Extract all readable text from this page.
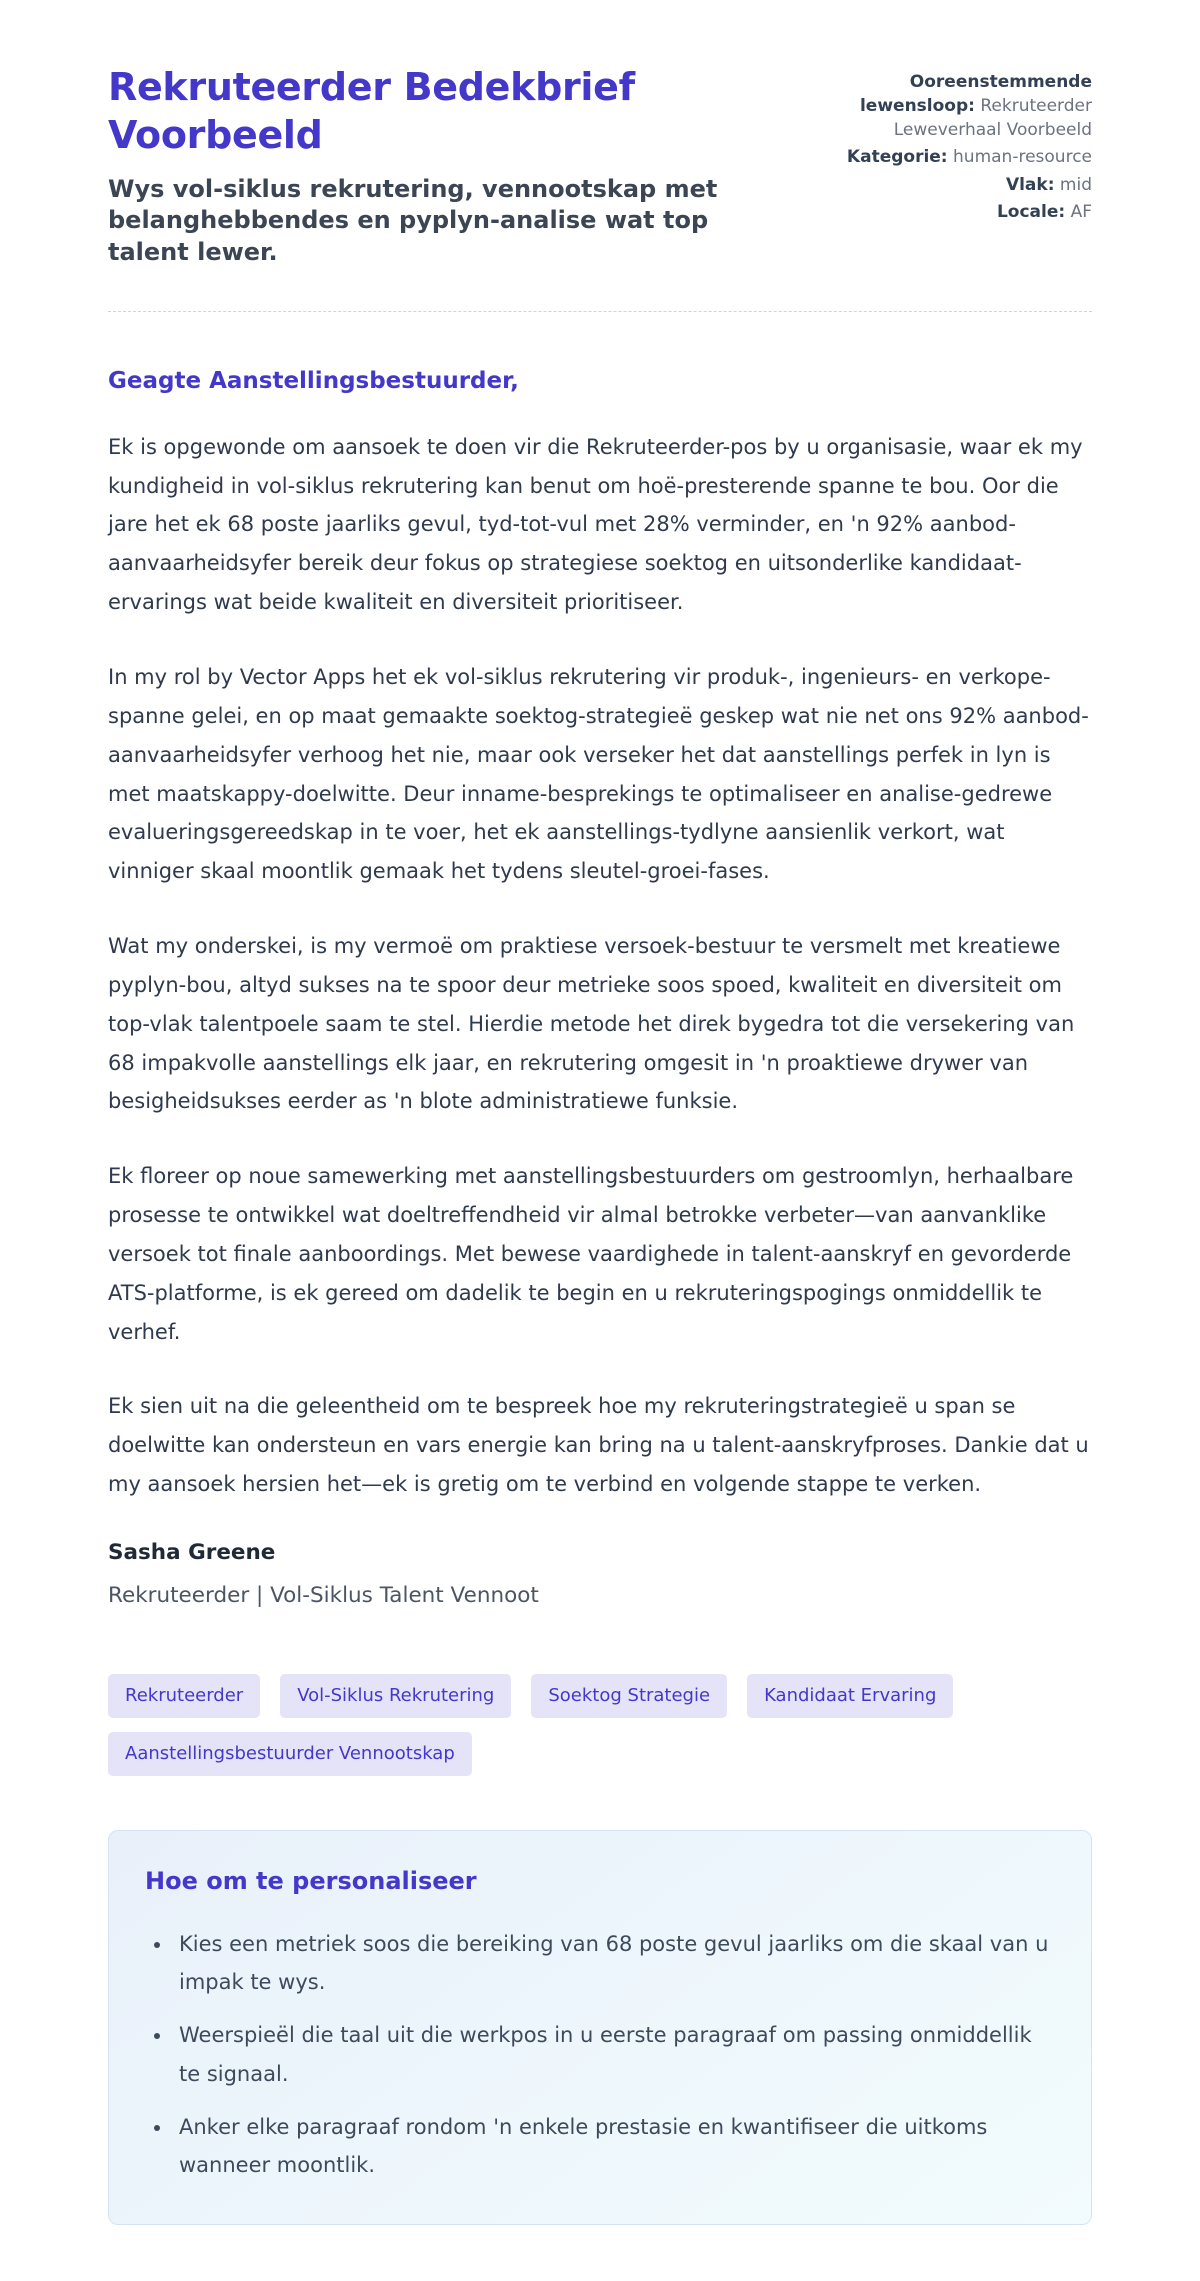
Rekruteerder Bedekbrief Voorbeeld

Wys vol-siklus rekrutering, vennootskap met belanghebbendes en pyplyn-analise wat top talent lewer.

Ooreenstemmende lewensloop: Rekruteerder Leweverhaal Voorbeeld
Kategorie: human-resource
Vlak: mid
Locale: AF

Geagte Aanstellingsbestuurder,

Ek is opgewonde om aansoek te doen vir die Rekruteerder-pos by u organisasie, waar ek my kundigheid in vol-siklus rekrutering kan benut om hoë-presterende spanne te bou. Oor die jare het ek 68 poste jaarliks gevul, tyd-tot-vul met 28% verminder, en 'n 92% aanbod-aanvaarheidsyfer bereik deur fokus op strategiese soektog en uitsonderlike kandidaat-ervarings wat beide kwaliteit en diversiteit prioritiseer.

In my rol by Vector Apps het ek vol-siklus rekrutering vir produk-, ingenieurs- en verkope-spanne gelei, en op maat gemaakte soektog-strategieë geskep wat nie net ons 92% aanbod-aanvaarheidsyfer verhoog het nie, maar ook verseker het dat aanstellings perfek in lyn is met maatskappy-doelwitte. Deur inname-besprekings te optimaliseer en analise-gedrewe evalueringsgereedskap in te voer, het ek aanstellings-tydlyne aansienlik verkort, wat vinniger skaal moontlik gemaak het tydens sleutel-groei-fases.

Wat my onderskei, is my vermoë om praktiese versoek-bestuur te versmelt met kreatiewe pyplyn-bou, altyd sukses na te spoor deur metrieke soos spoed, kwaliteit en diversiteit om top-vlak talentpoele saam te stel. Hierdie metode het direk bygedra tot die versekering van 68 impakvolle aanstellings elk jaar, en rekrutering omgesit in 'n proaktiewe drywer van besigheidsukses eerder as 'n blote administratiewe funksie.

Ek floreer op noue samewerking met aanstellingsbestuurders om gestroomlyn, herhaalbare prosesse te ontwikkel wat doeltreffendheid vir almal betrokke verbeter—van aanvanklike versoek tot finale aanboordings. Met bewese vaardighede in talent-aanskryf en gevorderde ATS-platforme, is ek gereed om dadelik te begin en u rekruteringspogings onmiddellik te verhef.

Ek sien uit na die geleentheid om te bespreek hoe my rekruteringstrategieë u span se doelwitte kan ondersteun en vars energie kan bring na u talent-aanskryfproses. Dankie dat u my aansoek hersien het—ek is gretig om te verbind en volgende stappe te verken.

Sasha Greene

Rekruteerder | Vol-Siklus Talent Vennoot

Rekruteerder	Vol-Siklus Rekrutering	Soektog Strategie	Kandidaat Ervaring
Aanstellingsbestuurder Vennootskap
Hoe om te personaliseer
• Kies een metriek soos die bereiking van 68 poste gevul jaarliks om die skaal van u impak te wys.
• Weerspieël die taal uit die werkpos in u eerste paragraaf om passing onmiddellik te signaal.
• Anker elke paragraaf rondom 'n enkele prestasie en kwantifiseer die uitkoms wanneer moontlik.
